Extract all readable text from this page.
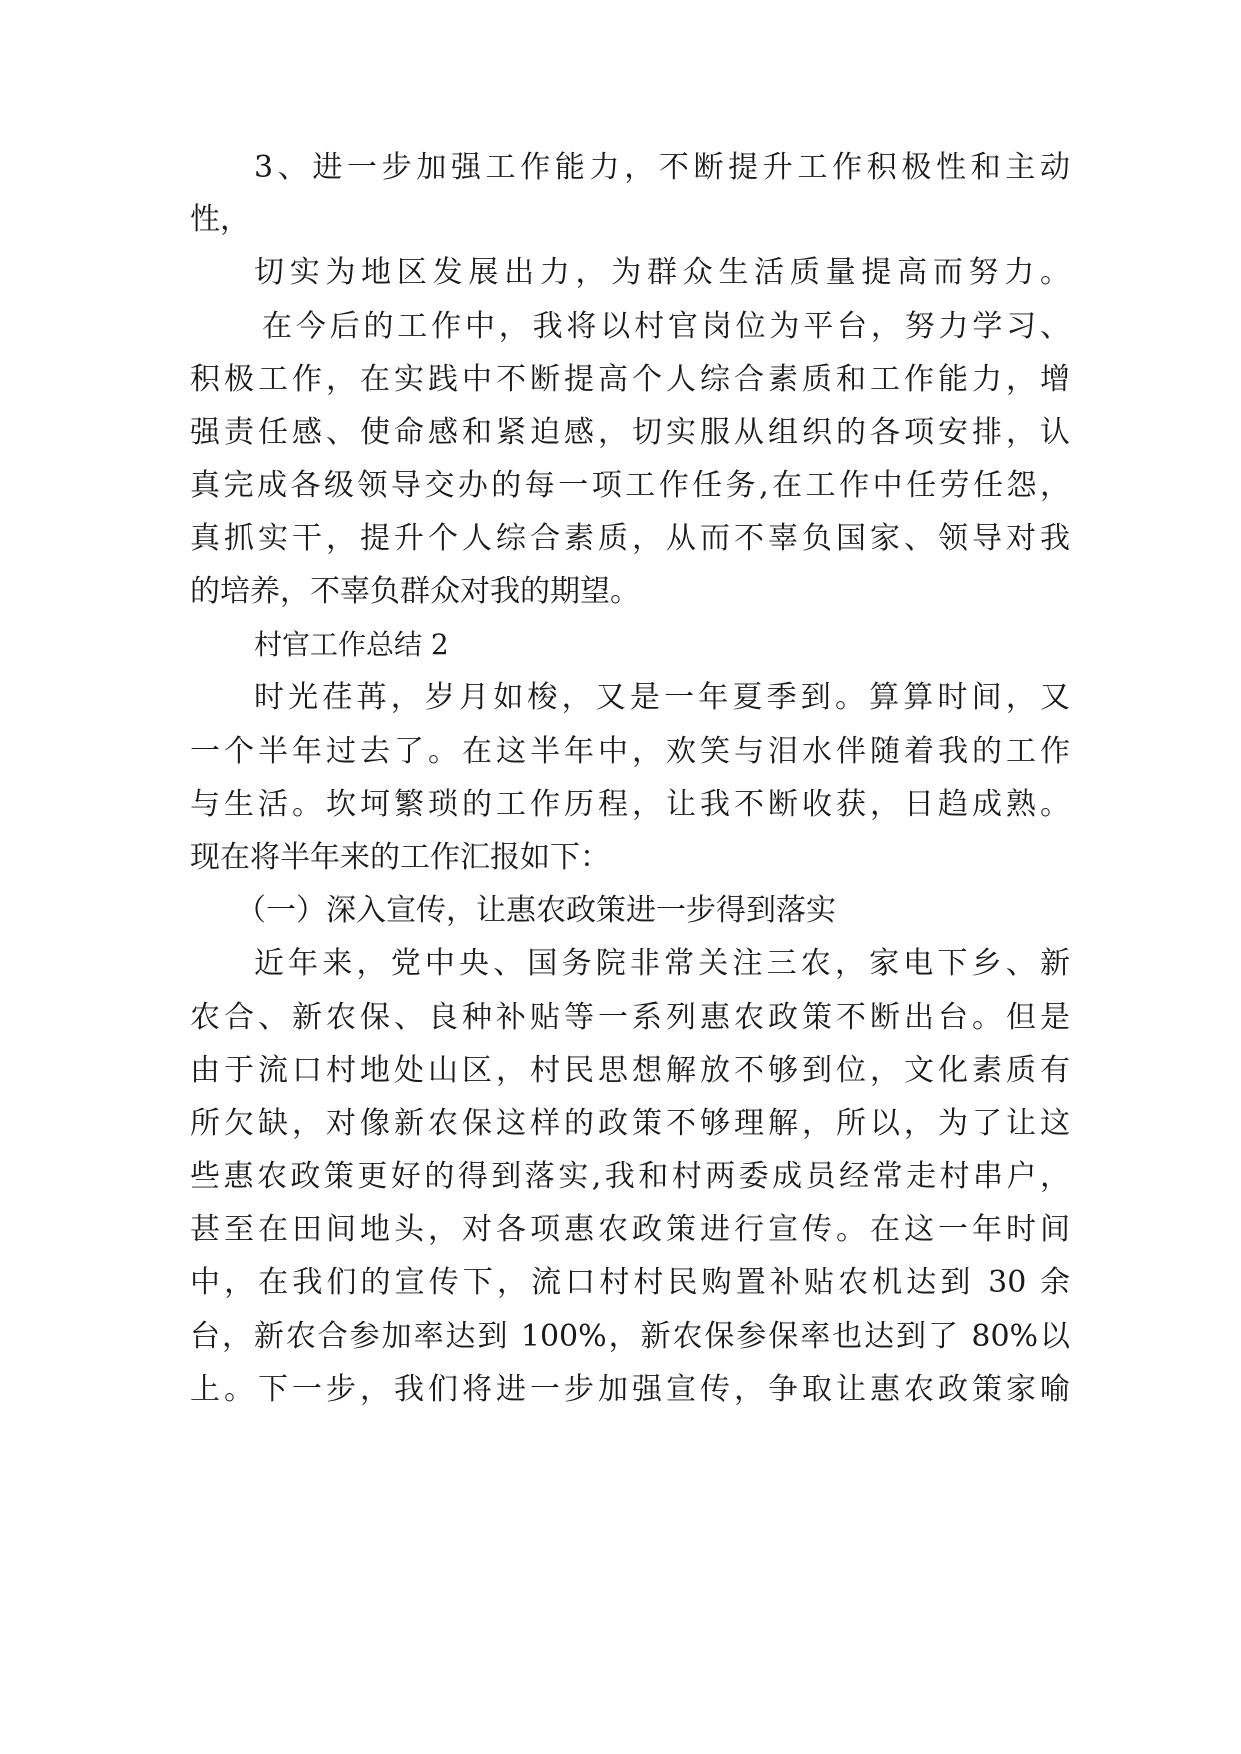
3、进一步加强工作能力，不断提升工作积极性和主动
性，
切实为地区发展出力，为群众生活质量提高而努力。
在今后的工作中，我将以村官岗位为平台，努力学习、
积极工作，在实践中不断提高个人综合素质和工作能力，增
强责任感、使命感和紧迫感，切实服从组织的各项安排，认
真完成各级领导交办的每一项工作任务,在工作中任劳任怨，
真抓实干，提升个人综合素质，从而不辜负国家、领导对我
的培养，不辜负群众对我的期望。
村官工作总结 2
时光荏苒，岁月如梭，又是一年夏季到。算算时间，又
一个半年过去了。在这半年中，欢笑与泪水伴随着我的工作
与生活。坎坷繁琐的工作历程，让我不断收获，日趋成熟。
现在将半年来的工作汇报如下：
（一）深入宣传，让惠农政策进一步得到落实
近年来，党中央、国务院非常关注三农，家电下乡、新
农合、新农保、良种补贴等一系列惠农政策不断出台。但是
由于流口村地处山区，村民思想解放不够到位，文化素质有
所欠缺，对像新农保这样的政策不够理解，所以，为了让这
些惠农政策更好的得到落实,我和村两委成员经常走村串户，
甚至在田间地头，对各项惠农政策进行宣传。在这一年时间
中，在我们的宣传下，流口村村民购置补贴农机达到 30 余
台，新农合参加率达到 100%，新农保参保率也达到了 80%以
上。下一步，我们将进一步加强宣传，争取让惠农政策家喻
